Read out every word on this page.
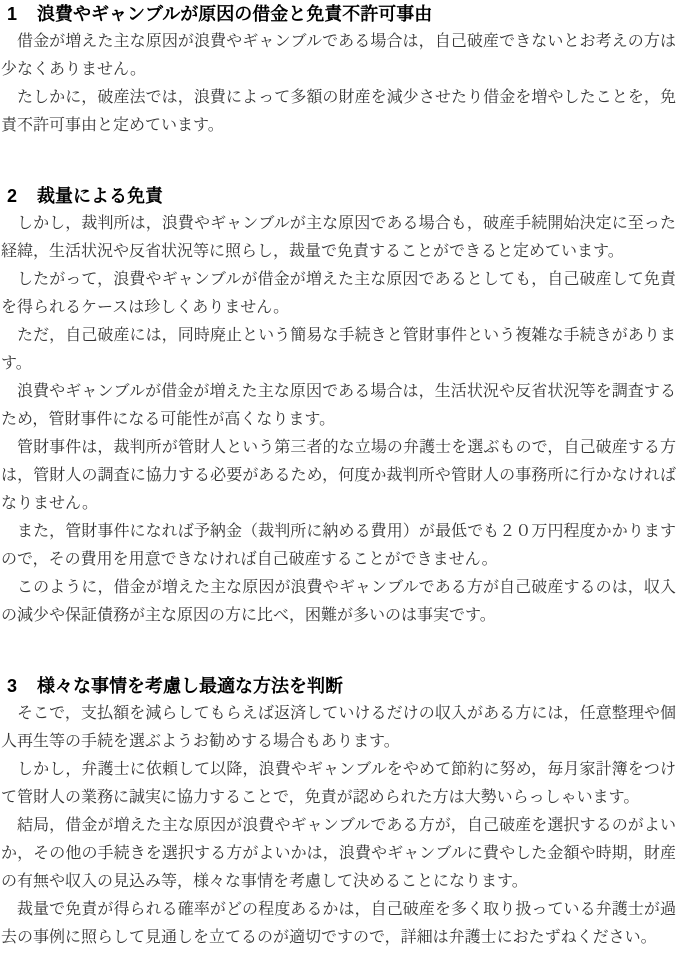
1 浪費やギャンブルが原因の借金と免責不許可事由

借金が増えた主な原因が浪費やギャンブルである場合は，自己破産できないとお考えの方は少なくありません。

たしかに，破産法では，浪費によって多額の財産を減少させたり借金を増やしたことを，免責不許可事由と定めています。

2 裁量による免責

しかし，裁判所は，浪費やギャンブルが主な原因である場合も，破産手続開始決定に至った経緯，生活状況や反省状況等に照らし，裁量で免責することができると定めています。

したがって，浪費やギャンブルが借金が増えた主な原因であるとしても，自己破産して免責を得られるケースは珍しくありません。

ただ，自己破産には，同時廃止という簡易な手続きと管財事件という複雑な手続きがあります。

浪費やギャンブルが借金が増えた主な原因である場合は，生活状況や反省状況等を調査するため，管財事件になる可能性が高くなります。

管財事件は，裁判所が管財人という第三者的な立場の弁護士を選ぶもので，自己破産する方は，管財人の調査に協力する必要があるため，何度か裁判所や管財人の事務所に行かなければなりません。

また，管財事件になれば予納金（裁判所に納める費用）が最低でも２０万円程度かかりますので，その費用を用意できなければ自己破産することができません。

このように，借金が増えた主な原因が浪費やギャンブルである方が自己破産するのは，収入の減少や保証債務が主な原因の方に比べ，困難が多いのは事実です。

3 様々な事情を考慮し最適な方法を判断

そこで，支払額を減らしてもらえば返済していけるだけの収入がある方には，任意整理や個人再生等の手続を選ぶようお勧めする場合もあります。

しかし，弁護士に依頼して以降，浪費やギャンブルをやめて節約に努め，毎月家計簿をつけて管財人の業務に誠実に協力することで，免責が認められた方は大勢いらっしゃいます。

結局，借金が増えた主な原因が浪費やギャンブルである方が，自己破産を選択するのがよいか，その他の手続きを選択する方がよいかは，浪費やギャンブルに費やした金額や時期，財産の有無や収入の見込み等，様々な事情を考慮して決めることになります。

裁量で免責が得られる確率がどの程度あるかは，自己破産を多く取り扱っている弁護士が過去の事例に照らして見通しを立てるのが適切ですので，詳細は弁護士におたずねください。
